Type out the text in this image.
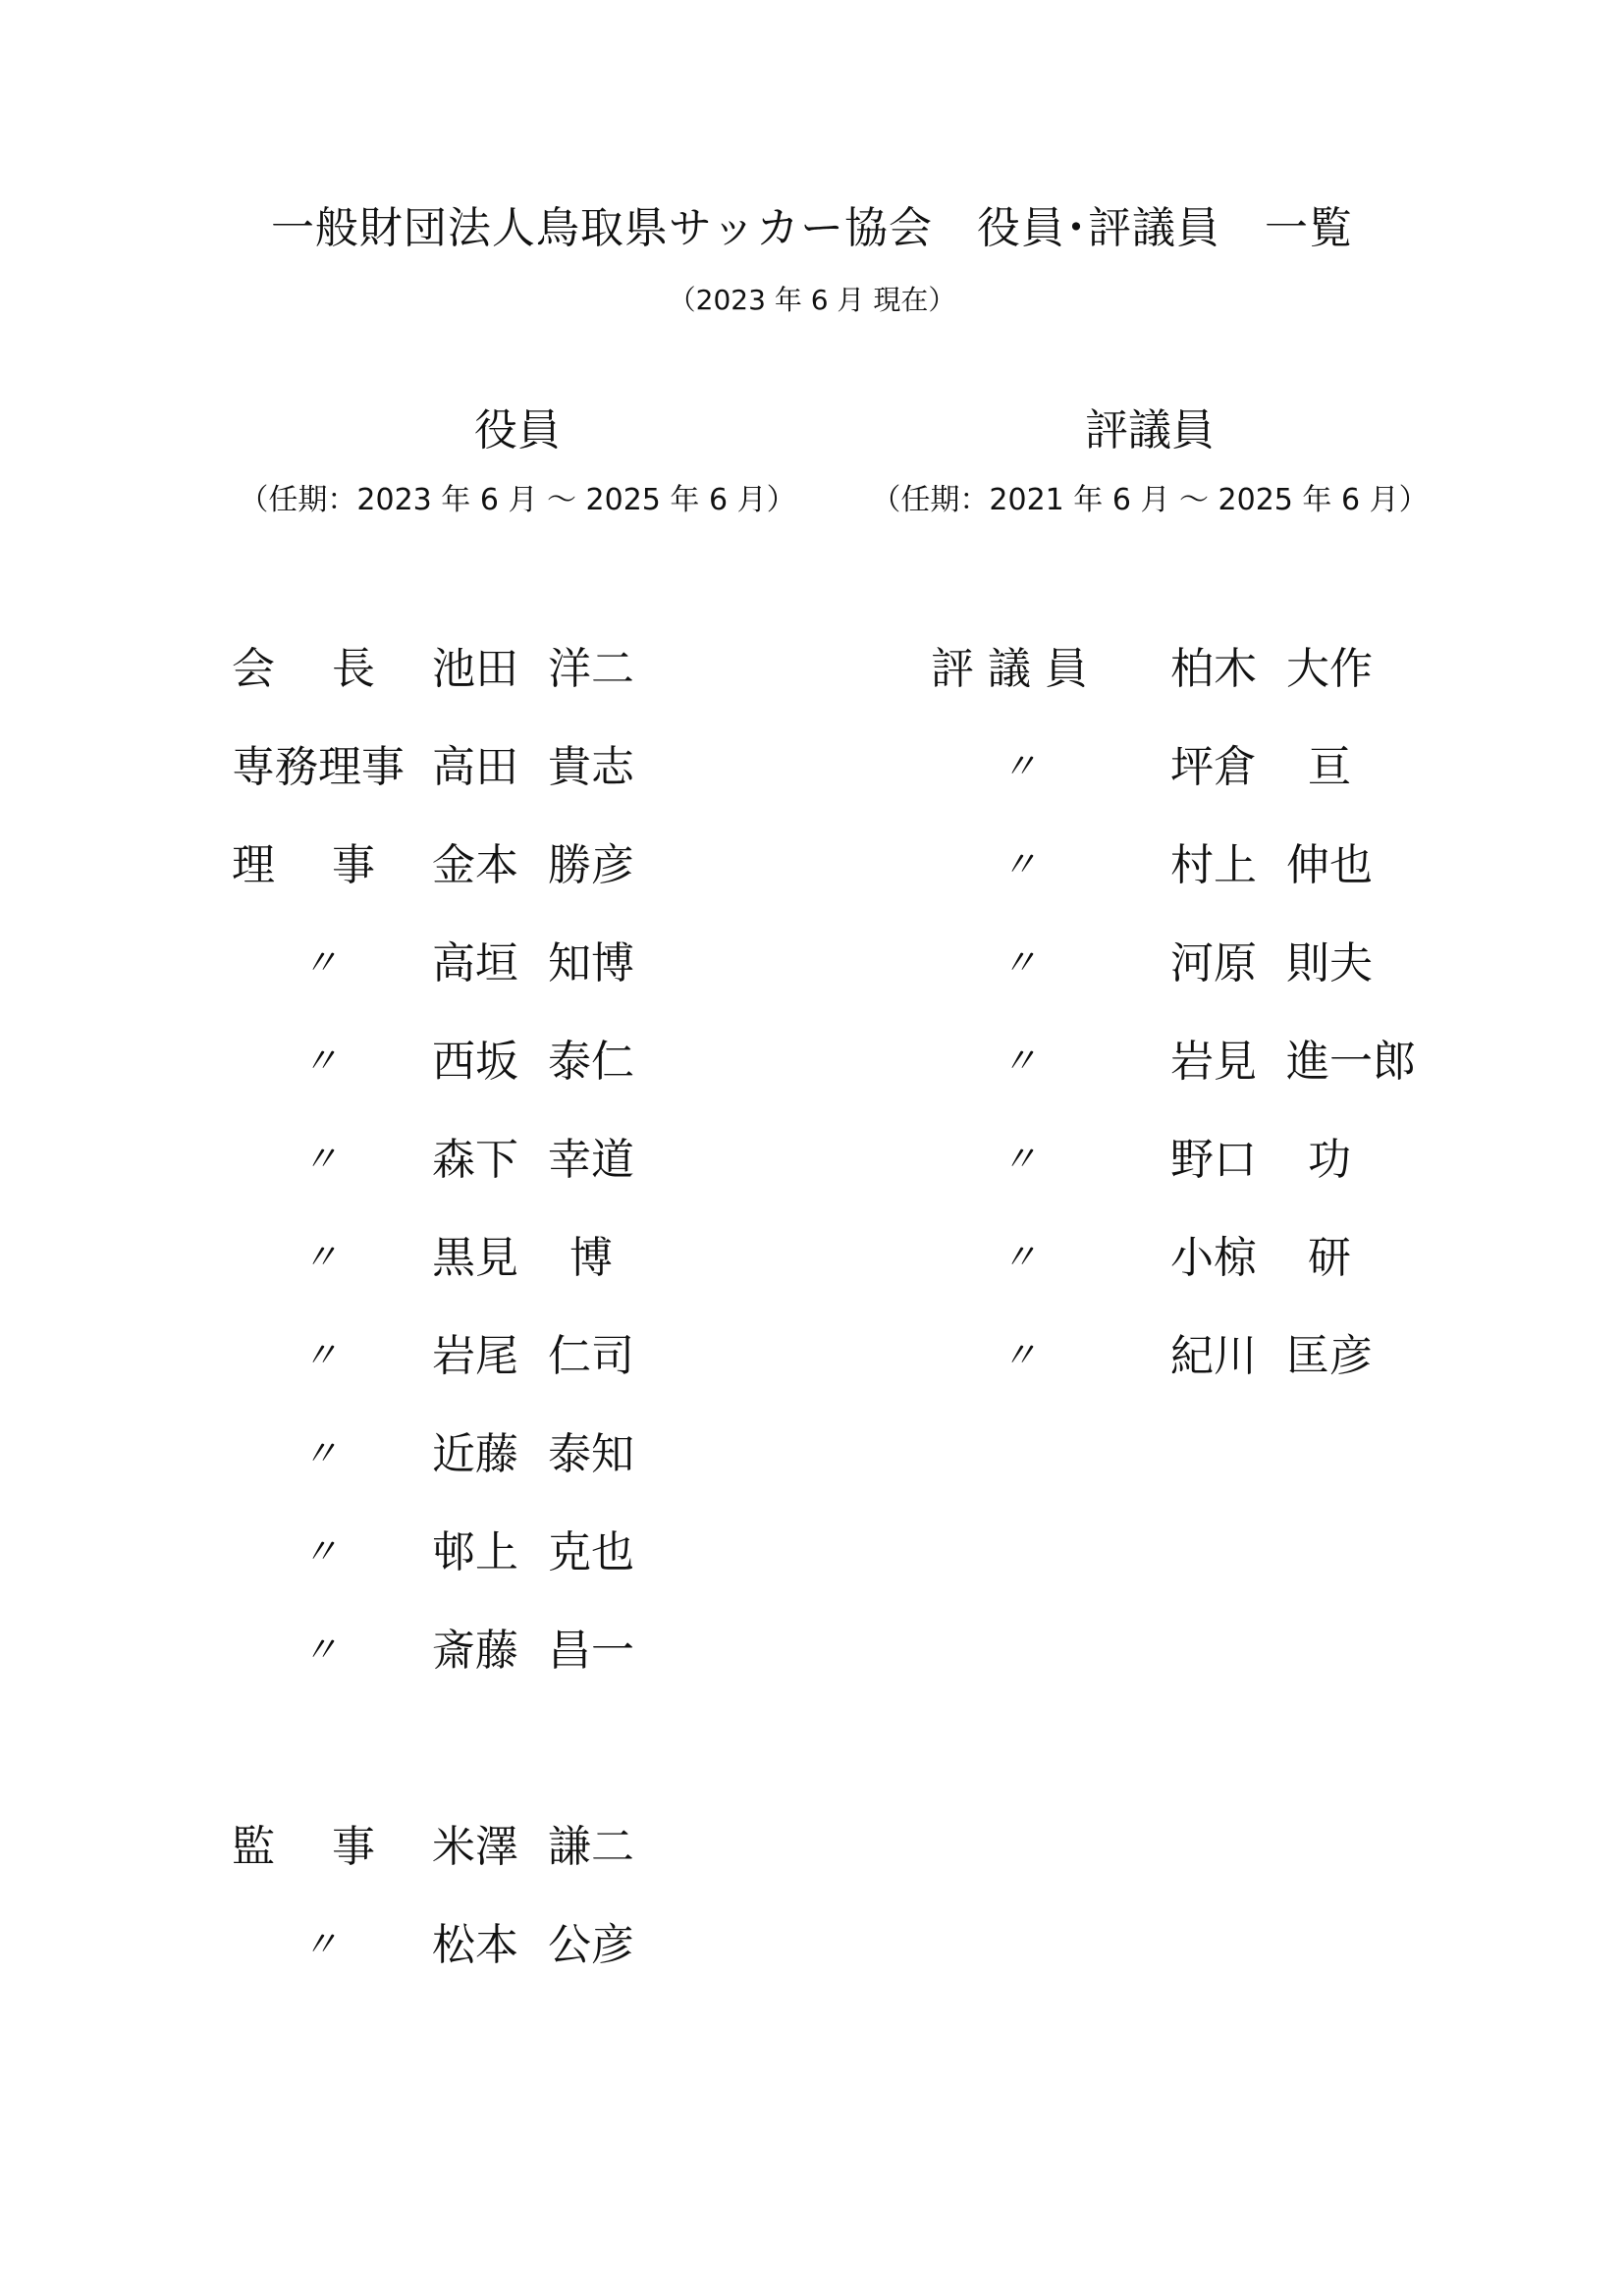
一般財団法人鳥取県サッカー協会　役員･評議員　一覧
（2023 年 6 月 現在）
役員
（任期：2023 年 6 月 ～ 2025 年 6 月）
評議員
（任期：2021 年 6 月 ～ 2025 年 6 月）
会　 長 池田 洋二
専務理事 高田 貴志
理　 事 金本 勝彦
〃 高垣 知博
〃 西坂 泰仁
〃 森下 幸道
〃 黒見 博
〃 岩尾 仁司
〃 近藤 泰知
〃 邨上 克也
〃 斎藤 昌一
監　 事 米澤 謙二
〃 松本 公彦
評 議 員 柏木 大作
〃	坪倉 亘
〃	村上 伸也
〃	河原 則夫
〃	岩見 進一郎
〃	野口 功
〃	小椋 研
〃	紀川 匡彦
